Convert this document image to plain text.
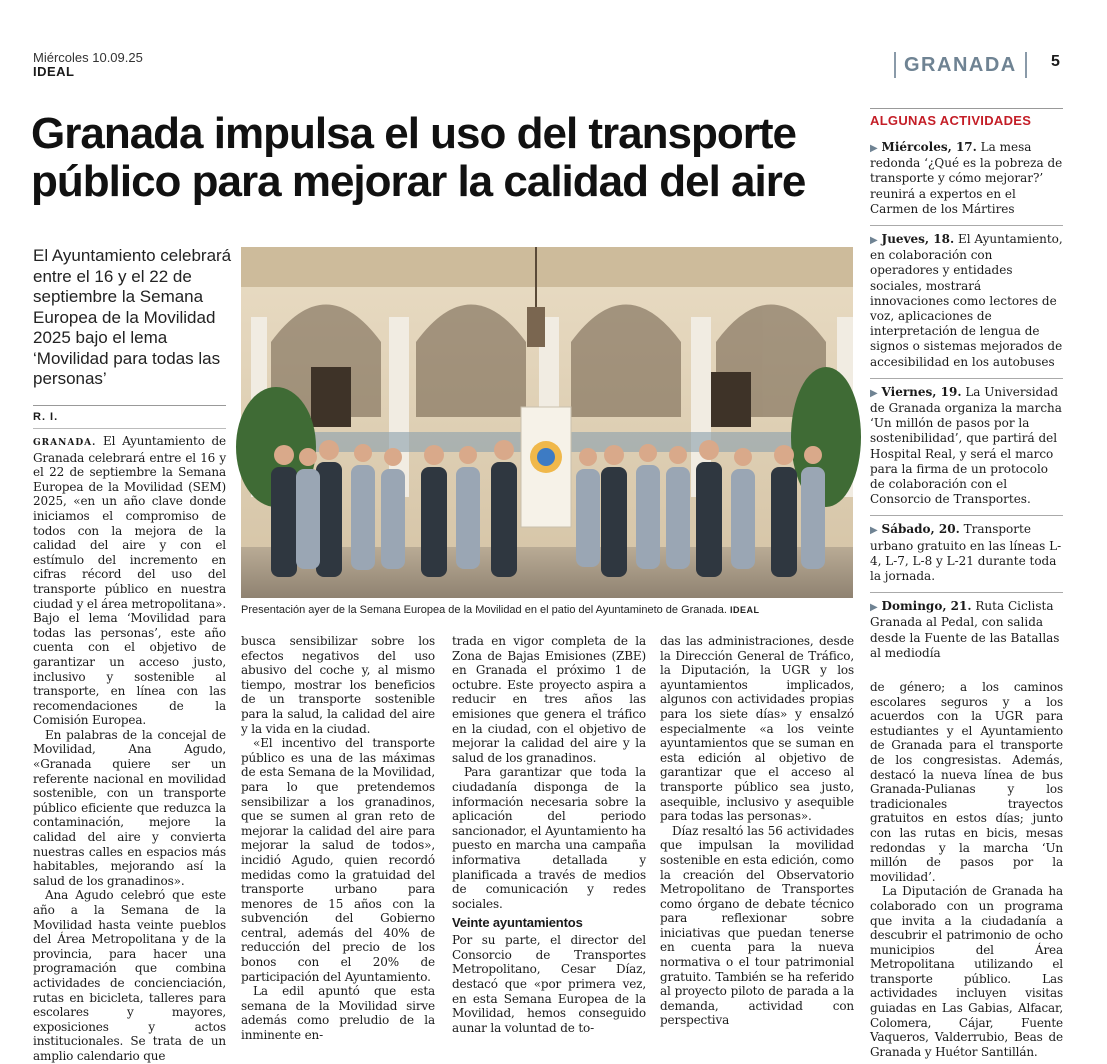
Miércoles 10.09.25
IDEAL	GRANADA	5
Granada impulsa el uso del transporte público para mejorar la calidad del aire

El Ayuntamiento celebrará entre el 16 y el 22 de septiembre la Semana Europea de la Movilidad 2025 bajo el lema ‘Movilidad para todas las personas’

R. I.
Presentación ayer de la Semana Europea de la Movilidad en el patio del Ayuntamineto de Granada. IDEAL

GRANADA. El Ayuntamiento de Granada celebrará entre el 16 y el 22 de septiembre la Semana Europea de la Movilidad (SEM) 2025, «en un año clave donde iniciamos el compromiso de todos con la mejora de la calidad del aire y con el estímulo del incremento en cifras récord del uso del transporte público en nuestra ciudad y el área metropolitana». Bajo el lema ‘Movilidad para todas las personas’, este año cuenta con el objetivo de garantizar un acceso justo, inclusivo y sostenible al transporte, en línea con las recomendaciones de la Comisión Europea.

En palabras de la concejal de Movilidad, Ana Agudo, «Granada quiere ser un referente nacional en movilidad sostenible, con un transporte público eficiente que reduzca la contaminación, mejore la calidad del aire y convierta nuestras calles en espacios más habitables, mejorando así la salud de los granadinos».

Ana Agudo celebró que este año a la Semana de la Movilidad hasta veinte pueblos del Área Metropolitana y de la provincia, para hacer una programación que combina actividades de concienciación, rutas en bicicleta, talleres para escolares y mayores, exposiciones y actos institucionales. Se trata de un amplio calendario que

busca sensibilizar sobre los efectos negativos del uso abusivo del coche y, al mismo tiempo, mostrar los beneficios de un transporte sostenible para la salud, la calidad del aire y la vida en la ciudad.

«El incentivo del transporte público es una de las máximas de esta Semana de la Movilidad, para lo que pretendemos sensibilizar a los granadinos, que se sumen al gran reto de mejorar la calidad del aire para mejorar la salud de todos», incidió Agudo, quien recordó medidas como la gratuidad del transporte urbano para menores de 15 años con la subvención del Gobierno central, además del 40% de reducción del precio de los bonos con el 20% de participación del Ayuntamiento.

La edil apuntó que esta semana de la Movilidad sirve además como preludio de la inminente en-

trada en vigor completa de la Zona de Bajas Emisiones (ZBE) en Granada el próximo 1 de octubre. Este proyecto aspira a reducir en tres años las emisiones que genera el tráfico en la ciudad, con el objetivo de mejorar la calidad del aire y la salud de los granadinos.

Para garantizar que toda la ciudadanía disponga de la información necesaria sobre la aplicación del periodo sancionador, el Ayuntamiento ha puesto en marcha una campaña informativa detallada y planificada a través de medios de comunicación y redes sociales.

Veinte ayuntamientos

Por su parte, el director del Consorcio de Transportes Metropolitano, Cesar Díaz, destacó que «por primera vez, en esta Semana Europea de la Movilidad, hemos conseguido aunar la voluntad de to-

das las administraciones, desde la Dirección General de Tráfico, la Diputación, la UGR y los ayuntamientos implicados, algunos con actividades propias para los siete días» y ensalzó especialmente «a los veinte ayuntamientos que se suman en esta edición al objetivo de garantizar que el acceso al transporte público sea justo, asequible, inclusivo y asequible para todas las personas».

Díaz resaltó las 56 actividades que impulsan la movilidad sostenible en esta edición, como la creación del Observatorio Metropolitano de Transportes como órgano de debate técnico para reflexionar sobre iniciativas que puedan tenerse en cuenta para la nueva normativa o el tour patrimonial gratuito. También se ha referido al proyecto piloto de parada a la demanda, actividad con perspectiva

de género; a los caminos escolares seguros y a los acuerdos con la UGR para estudiantes y el Ayuntamiento de Granada para el transporte de los congresistas. Además, destacó la nueva línea de bus Granada-Pulianas y los tradicionales trayectos gratuitos en estos días; junto con las rutas en bicis, mesas redondas y la marcha ‘Un millón de pasos por la movilidad’.

La Diputación de Granada ha colaborado con un programa que invita a la ciudadanía a descubrir el patrimonio de ocho municipios del Área Metropolitana utilizando el transporte público. Las actividades incluyen visitas guiadas en Las Gabias, Alfacar, Colomera, Cájar, Fuente Vaqueros, Valderrubio, Beas de Granada y Huétor Santillán.

ALGUNAS ACTIVIDADES
▶ Miércoles, 17. La mesa redonda ‘¿Qué es la pobreza de transporte y cómo mejorar?’ reunirá a expertos en el Carmen de los Mártires
▶ Jueves, 18. El Ayuntamiento, en colaboración con operadores y entidades sociales, mostrará innovaciones como lectores de voz, aplicaciones de interpretación de lengua de signos o sistemas mejorados de accesibilidad en los autobuses
▶ Viernes, 19. La Universidad de Granada organiza la marcha ‘Un millón de pasos por la sostenibilidad’, que partirá del Hospital Real, y será el marco para la firma de un protocolo de colaboración con el Consorcio de Transportes.
▶ Sábado, 20. Transporte urbano gratuito en las líneas L-4, L-7, L-8 y L-21 durante toda la jornada.
▶ Domingo, 21. Ruta Ciclista Granada al Pedal, con salida desde la Fuente de las Batallas al mediodía
